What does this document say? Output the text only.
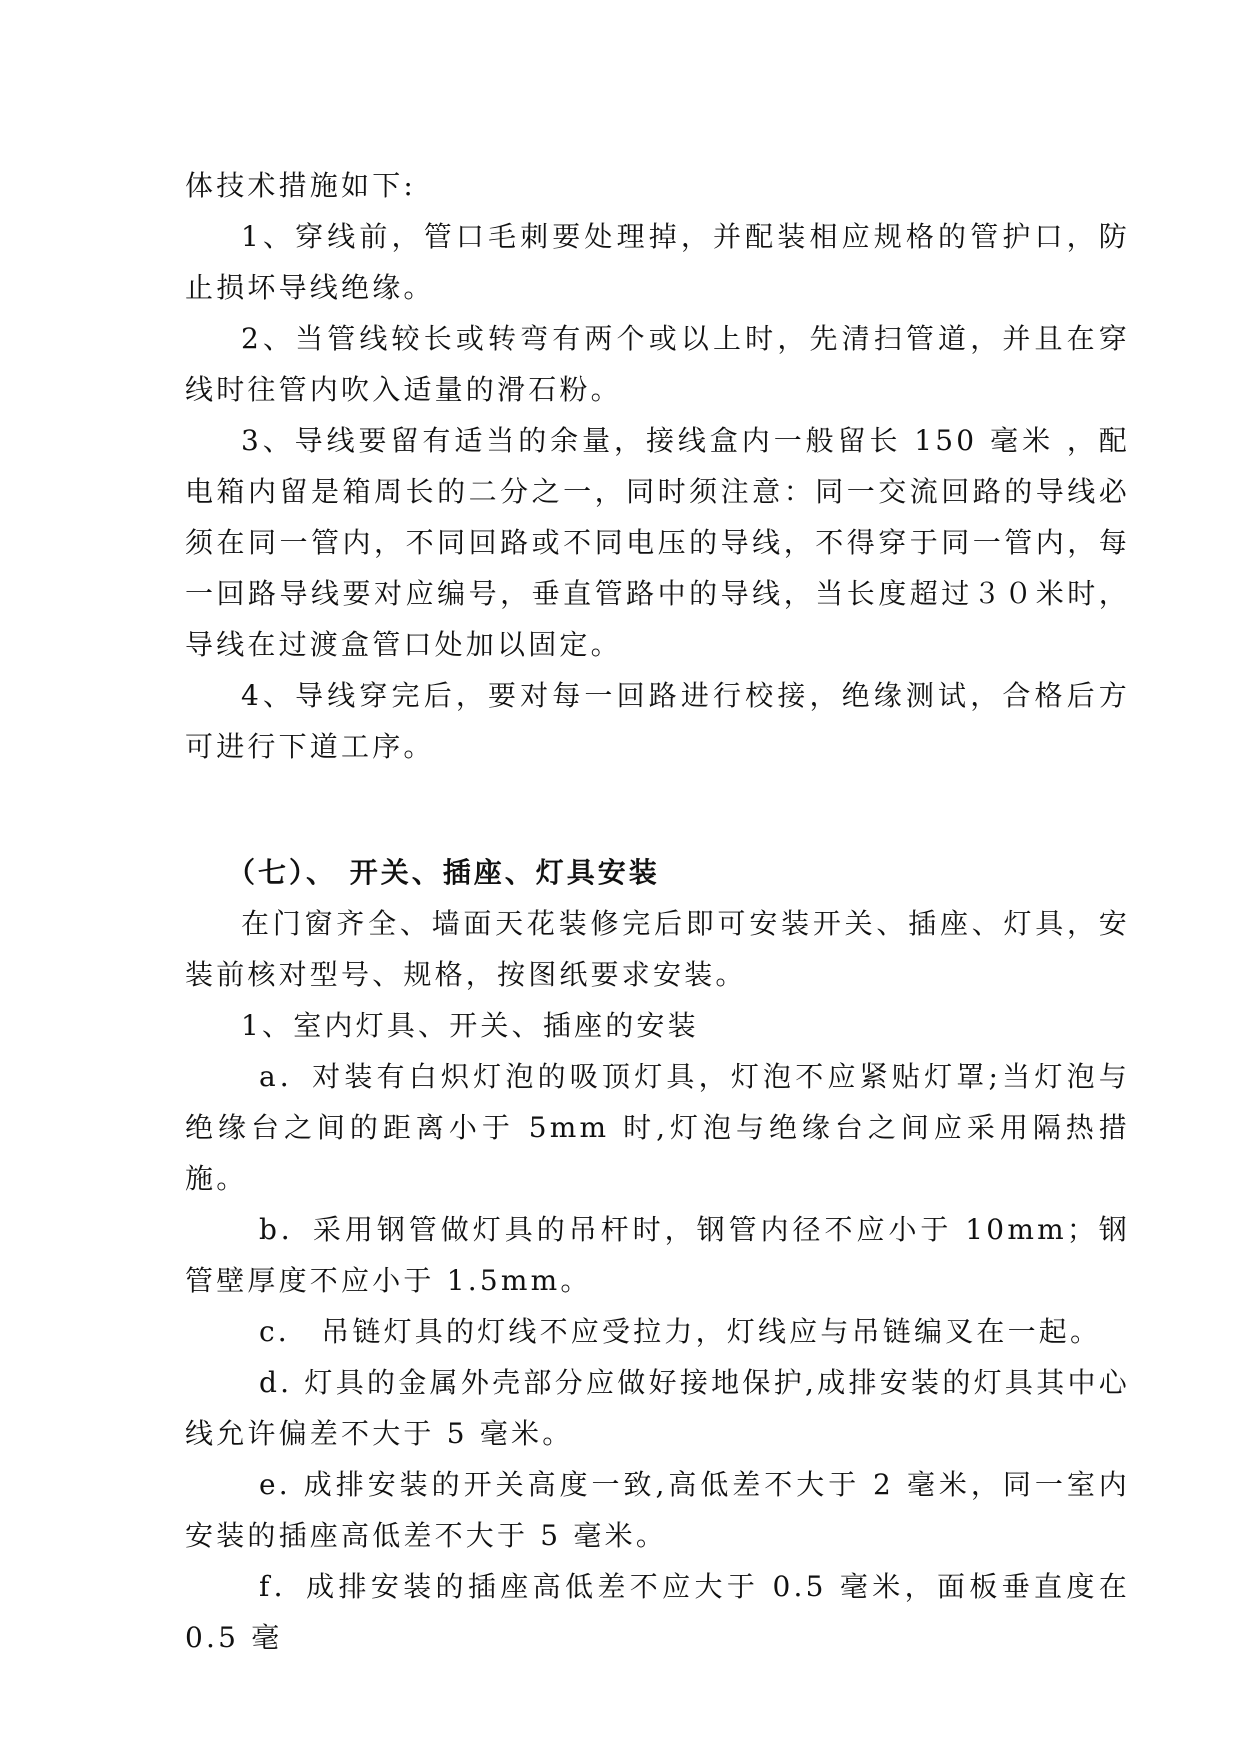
体技术措施如下:

1、穿线前，管口毛刺要处理掉，并配装相应规格的管护口，防止损坏导线绝缘。

2、当管线较长或转弯有两个或以上时，先清扫管道，并且在穿线时往管内吹入适量的滑石粉。

3、导线要留有适当的余量，接线盒内一般留长 150 毫米 ，配电箱内留是箱周长的二分之一，同时须注意：同一交流回路的导线必须在同一管内，不同回路或不同电压的导线，不得穿于同一管内，每一回路导线要对应编号，垂直管路中的导线，当长度超过３０米时，导线在过渡盒管口处加以固定。

4、导线穿完后，要对每一回路进行校接，绝缘测试，合格后方可进行下道工序。

（七）、 开关、插座、灯具安装

在门窗齐全、墙面天花装修完后即可安装开关、插座、灯具，安装前核对型号、规格，按图纸要求安装。

1、室内灯具、开关、插座的安装

a．对装有白炽灯泡的吸顶灯具，灯泡不应紧贴灯罩;当灯泡与绝缘台之间的距离小于 5mm 时,灯泡与绝缘台之间应采用隔热措施。

b．采用钢管做灯具的吊杆时，钢管内径不应小于 10mm；钢管壁厚度不应小于 1.5mm。

c． 吊链灯具的灯线不应受拉力，灯线应与吊链编叉在一起。

d. 灯具的金属外壳部分应做好接地保护,成排安装的灯具其中心线允许偏差不大于 5 毫米。

e. 成排安装的开关高度一致,高低差不大于 2 毫米，同一室内安装的插座高低差不大于 5 毫米。

f．成排安装的插座高低差不应大于 0.5 毫米，面板垂直度在 0.5 毫
